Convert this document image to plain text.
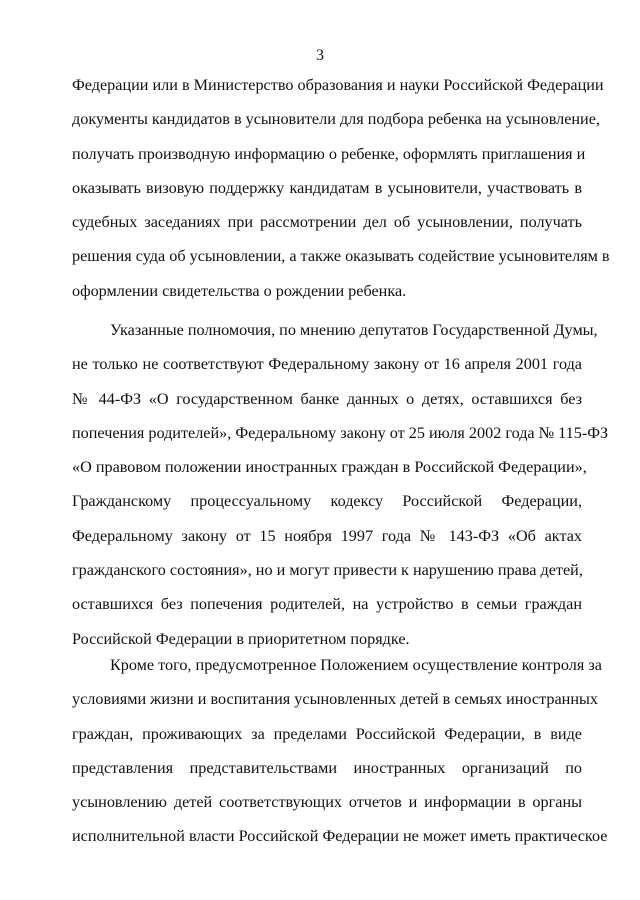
3
Федерации или в Министерство образования и науки Российской Федерации
документы кандидатов в усыновители для подбора ребенка на усыновление,
получать производную информацию о ребенке, оформлять приглашения и
оказывать визовую поддержку кандидатам в усыновители, участвовать в
судебных заседаниях при рассмотрении дел об усыновлении, получать
решения суда об усыновлении, а также оказывать содействие усыновителям в
оформлении свидетельства о рождении ребенка.
Указанные полномочия, по мнению депутатов Государственной Думы,
не только не соответствуют Федеральному закону от 16 апреля 2001 года
№ 44-ФЗ «О государственном банке данных о детях, оставшихся без
попечения родителей», Федеральному закону от 25 июля 2002 года № 115-ФЗ
«О правовом положении иностранных граждан в Российской Федерации»,
Гражданскому процессуальному кодексу Российской Федерации,
Федеральному закону от 15 ноября 1997 года № 143-ФЗ «Об актах
гражданского состояния», но и могут привести к нарушению права детей,
оставшихся без попечения родителей, на устройство в семьи граждан
Российской Федерации в приоритетном порядке.
Кроме того, предусмотренное Положением осуществление контроля за
условиями жизни и воспитания усыновленных детей в семьях иностранных
граждан, проживающих за пределами Российской Федерации, в виде
представления представительствами иностранных организаций по
усыновлению детей соответствующих отчетов и информации в органы
исполнительной власти Российской Федерации не может иметь практическое
